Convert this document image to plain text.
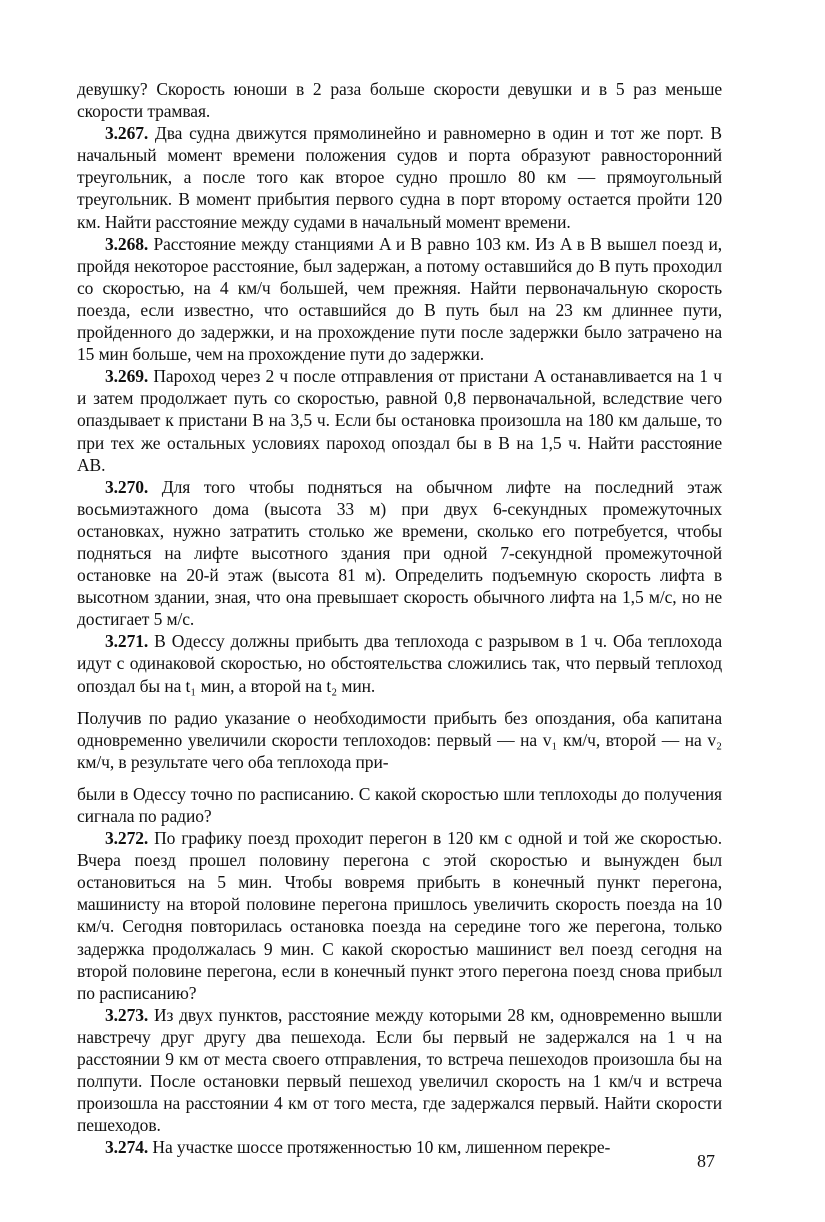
девушку? Скорость юноши в 2 раза больше скорости девушки и в 5 раз меньше скорости трамвая.

3.267. Два судна движутся прямолинейно и равномерно в один и тот же порт. В начальный момент времени положения судов и порта образуют равносторонний треугольник, а после того как второе судно прошло 80 км — прямоугольный треугольник. В момент прибытия первого судна в порт второму остается пройти 120 км. Найти расстояние между судами в начальный момент времени.

3.268. Расстояние между станциями A и B равно 103 км. Из A в B вышел поезд и, пройдя некоторое расстояние, был задержан, а потому оставшийся до B путь проходил со скоростью, на 4 км/ч большей, чем прежняя. Найти первоначальную скорость поезда, если известно, что оставшийся до B путь был на 23 км длиннее пути, пройденного до задержки, и на прохождение пути после задержки было затрачено на 15 мин больше, чем на прохождение пути до задержки.

3.269. Пароход через 2 ч после отправления от пристани A останавливается на 1 ч и затем продолжает путь со скоростью, равной 0,8 первоначальной, вследствие чего опаздывает к пристани B на 3,5 ч. Если бы остановка произошла на 180 км дальше, то при тех же остальных условиях пароход опоздал бы в B на 1,5 ч. Найти расстояние AB.

3.270. Для того чтобы подняться на обычном лифте на последний этаж восьмиэтажного дома (высота 33 м) при двух 6-секундных промежуточных остановках, нужно затратить столько же времени, сколько его потребуется, чтобы подняться на лифте высотного здания при одной 7-секундной промежуточной остановке на 20-й этаж (высота 81 м). Определить подъемную скорость лифта в высотном здании, зная, что она превышает скорость обычного лифта на 1,5 м/с, но не достигает 5 м/с.

3.271. В Одессу должны прибыть два теплохода с разрывом в 1 ч. Оба теплохода идут с одинаковой скоростью, но обстоятельства сложились так, что первый теплоход опоздал бы на t₁ мин, а второй на t₂ мин.

Получив по радио указание о необходимости прибыть без опоздания, оба капитана одновременно увеличили скорости теплоходов: первый — на v₁ км/ч, второй — на v₂ км/ч, в результате чего оба теплохода при-

были в Одессу точно по расписанию. С какой скоростью шли теплоходы до получения сигнала по радио?

3.272. По графику поезд проходит перегон в 120 км с одной и той же скоростью. Вчера поезд прошел половину перегона с этой скоростью и вынужден был остановиться на 5 мин. Чтобы вовремя прибыть в конечный пункт перегона, машинисту на второй половине перегона пришлось увеличить скорость поезда на 10 км/ч. Сегодня повторилась остановка поезда на середине того же перегона, только задержка продолжалась 9 мин. С какой скоростью машинист вел поезд сегодня на второй половине перегона, если в конечный пункт этого перегона поезд снова прибыл по расписанию?

3.273. Из двух пунктов, расстояние между которыми 28 км, одновременно вышли навстречу друг другу два пешехода. Если бы первый не задержался на 1 ч на расстоянии 9 км от места своего отправления, то встреча пешеходов произошла бы на полпути. После остановки первый пешеход увеличил скорость на 1 км/ч и встреча произошла на расстоянии 4 км от того места, где задержался первый. Найти скорости пешеходов.

3.274. На участке шоссе протяженностью 10 км, лишенном перекре-

87
